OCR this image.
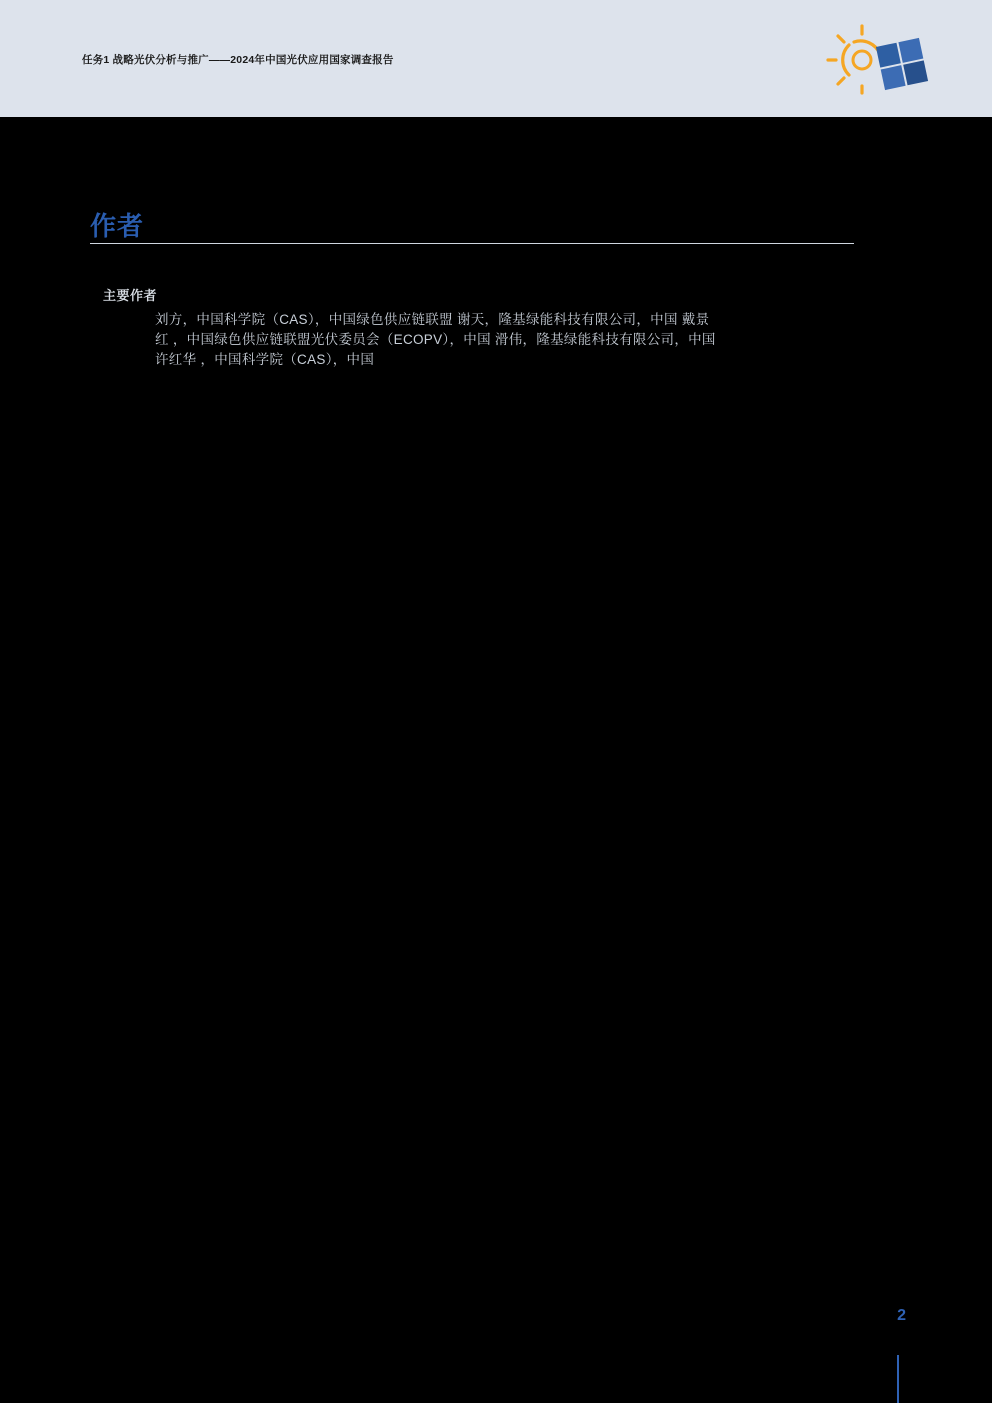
任务1 战略光伏分析与推广——2024年中国光伏应用国家调查报告
作者
主要作者
刘方，中国科学院（CAS），中国绿色供应链联盟 谢天，隆基绿能科技有限公司，中国 戴景
红 ，中国绿色供应链联盟光伏委员会（ECOPV），中国 滑伟，隆基绿能科技有限公司，中国
许红华 ，中国科学院（CAS），中国
2
